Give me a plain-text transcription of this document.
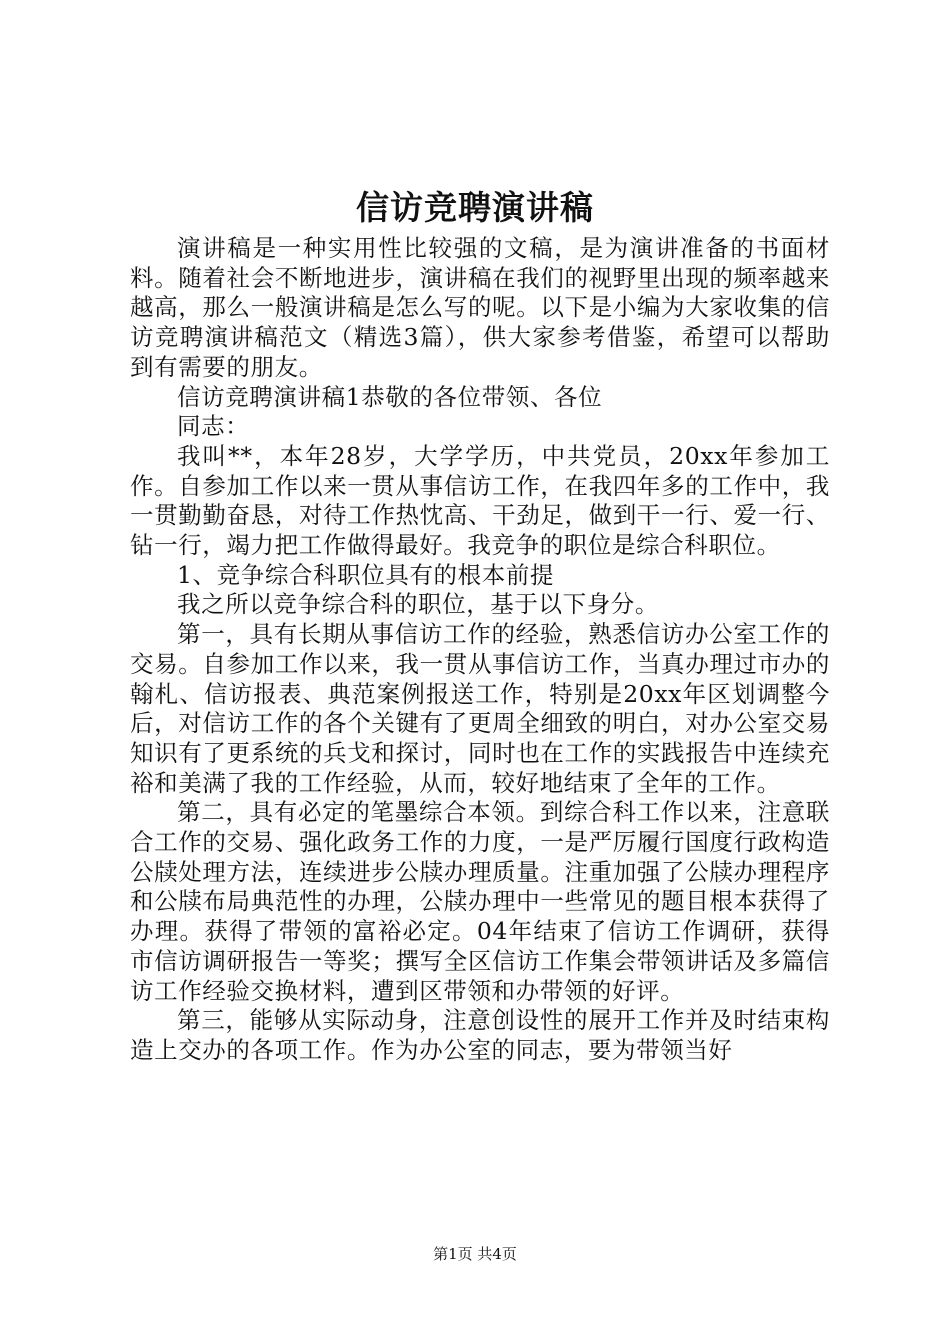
信访竞聘演讲稿

演讲稿是一种实用性比较强的文稿，是为演讲准备的书面材料。随着社会不断地进步，演讲稿在我们的视野里出现的频率越来越高，那么一般演讲稿是怎么写的呢。以下是小编为大家收集的信访竞聘演讲稿范文（精选3篇），供大家参考借鉴，希望可以帮助到有需要的朋友。

信访竞聘演讲稿1恭敬的各位带领、各位

同志：

我叫**，本年28岁，大学学历，中共党员，20xx年参加工作。自参加工作以来一贯从事信访工作，在我四年多的工作中，我一贯勤勤奋恳，对待工作热忱高、干劲足，做到干一行、爱一行、钻一行，竭力把工作做得最好。我竞争的职位是综合科职位。

1、竞争综合科职位具有的根本前提

我之所以竞争综合科的职位，基于以下身分。

第一，具有长期从事信访工作的经验，熟悉信访办公室工作的交易。自参加工作以来，我一贯从事信访工作，当真办理过市办的翰札、信访报表、典范案例报送工作，特别是20xx年区划调整今后，对信访工作的各个关键有了更周全细致的明白，对办公室交易知识有了更系统的兵戈和探讨，同时也在工作的实践报告中连续充裕和美满了我的工作经验，从而，较好地结束了全年的工作。

第二，具有必定的笔墨综合本领。到综合科工作以来，注意联合工作的交易、强化政务工作的力度，一是严厉履行国度行政构造公牍处理方法，连续进步公牍办理质量。注重加强了公牍办理程序和公牍布局典范性的办理，公牍办理中一些常见的题目根本获得了办理。获得了带领的富裕必定。04年结束了信访工作调研，获得市信访调研报告一等奖；撰写全区信访工作集会带领讲话及多篇信访工作经验交换材料，遭到区带领和办带领的好评。

第三，能够从实际动身，注意创设性的展开工作并及时结束构造上交办的各项工作。作为办公室的同志，要为带领当好

第1页 共4页
